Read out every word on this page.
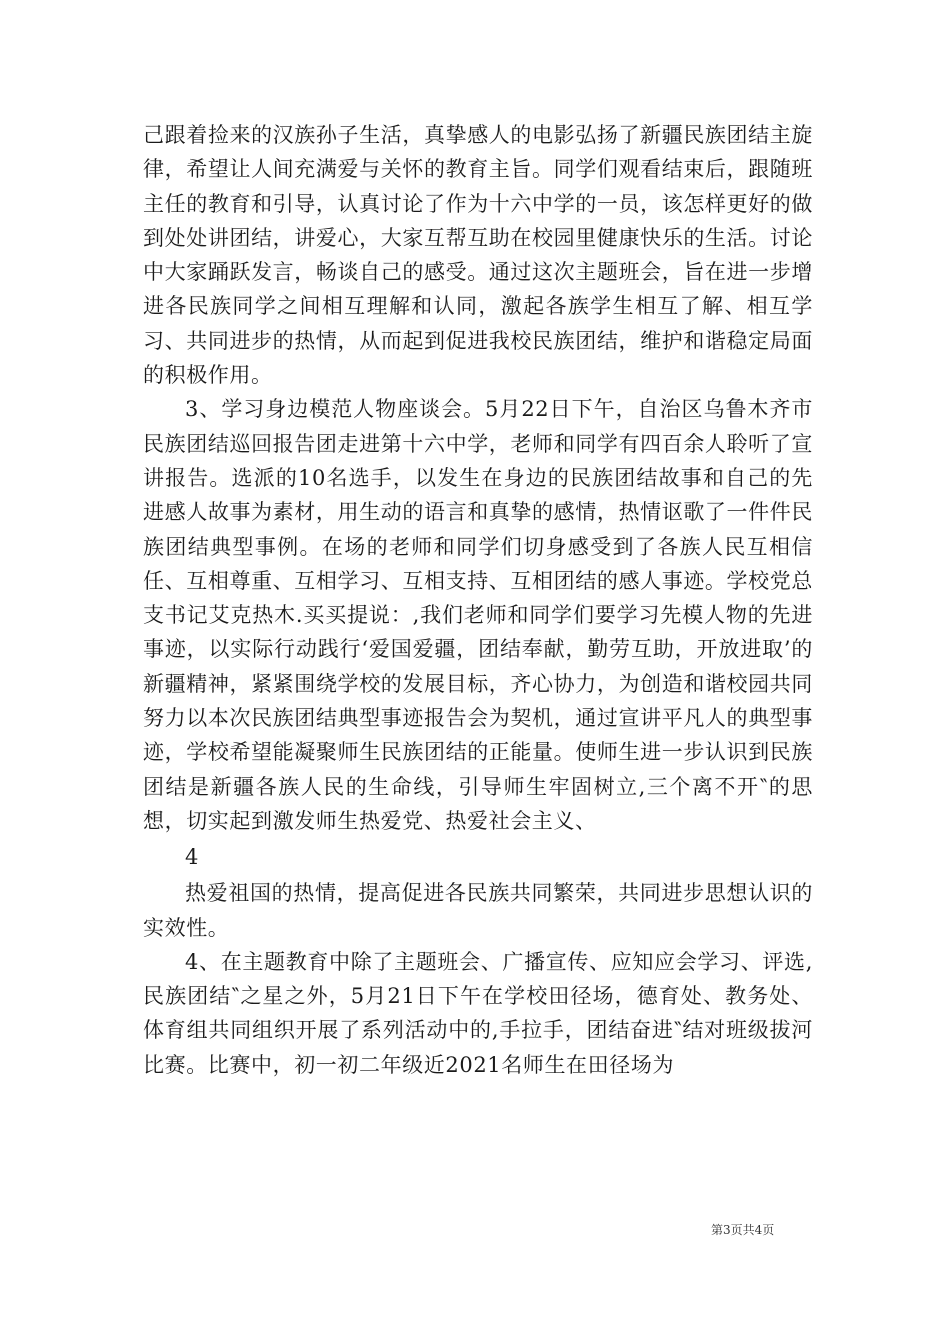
己跟着捡来的汉族孙子生活，真挚感人的电影弘扬了新疆民族团结主旋律，希望让人间充满爱与关怀的教育主旨。同学们观看结束后，跟随班主任的教育和引导，认真讨论了作为十六中学的一员，该怎样更好的做到处处讲团结，讲爱心，大家互帮互助在校园里健康快乐的生活。讨论中大家踊跃发言，畅谈自己的感受。通过这次主题班会，旨在进一步增进各民族同学之间相互理解和认同，激起各族学生相互了解、相互学习、共同进步的热情，从而起到促进我校民族团结，维护和谐稳定局面的积极作用。

3、学习身边模范人物座谈会。5月22日下午，自治区乌鲁木齐市民族团结巡回报告团走进第十六中学，老师和同学有四百余人聆听了宣讲报告。选派的10名选手，以发生在身边的民族团结故事和自己的先进感人故事为素材，用生动的语言和真挚的感情，热情讴歌了一件件民族团结典型事例。在场的老师和同学们切身感受到了各族人民互相信任、互相尊重、互相学习、互相支持、互相团结的感人事迹。学校党总支书记艾克热木.买买提说：,我们老师和同学们要学习先模人物的先进事迹，以实际行动践行‘爱国爱疆，团结奉献，勤劳互助，开放进取’的新疆精神，紧紧围绕学校的发展目标，齐心协力，为创造和谐校园共同努力以本次民族团结典型事迹报告会为契机，通过宣讲平凡人的典型事迹，学校希望能凝聚师生民族团结的正能量。使师生进一步认识到民族团结是新疆各族人民的生命线，引导师生牢固树立,三个离不开‶的思想，切实起到激发师生热爱党、热爱社会主义、

4

热爱祖国的热情，提高促进各民族共同繁荣，共同进步思想认识的实效性。

4、在主题教育中除了主题班会、广播宣传、应知应会学习、评选,民族团结‶之星之外，5月21日下午在学校田径场，德育处、教务处、体育组共同组织开展了系列活动中的,手拉手，团结奋进‶结对班级拔河比赛。比赛中，初一初二年级近2021名师生在田径场为

第3页共4页
